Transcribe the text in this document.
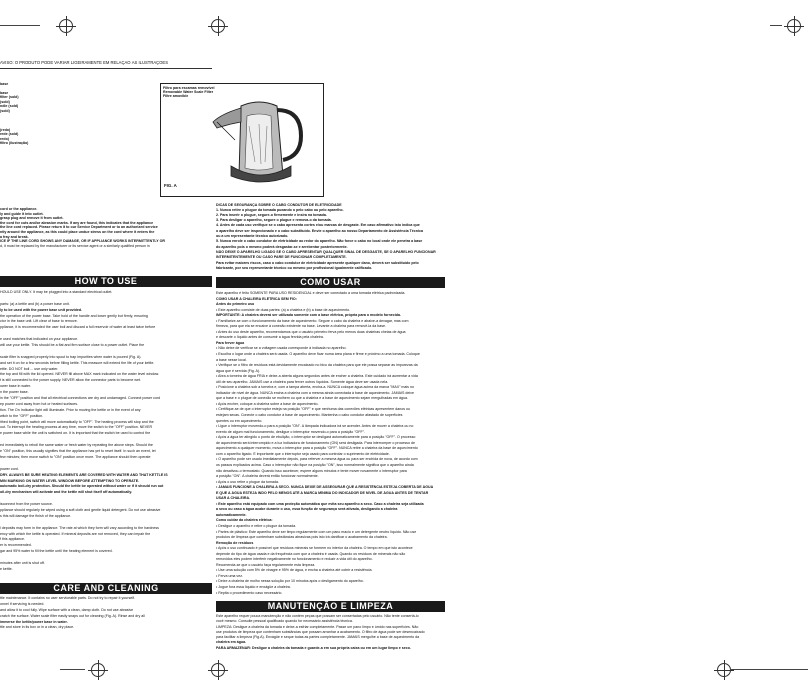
AVISO: O PRODUTO PODE VARIAR LIGEIRAMENTE EM RELAÇÃO ÀS ILUSTRAÇÕES
base
base
filter (sold)
(sold)
ndle (sold)
(sold)
(redo)
rede (sold)
redo)
filtro (ilustração)
Filtro para escamas removível
Removable Water Scale Filter
Filtre amovible
FIG. A
cord or the appliance.
ly and guide it into outlet.
grasp plug and remove it from outlet.
the cord for cuts and/or abrasion marks. If any are found, this indicates that the appliance
the line cord replaced. Please return it to our Service Department or to an authorized service
ntly around the appliance, as this could place undue stress on the cord where it enters the
a fray and break.
ICE IF THE LINE CORD SHOWS ANY DAMAGE, OR IF APPLIANCE WORKS INTERMITTENTLY OR
d, it must be replaced by the manufacturer or its service agent or a similarly qualified person in
HOW TO USE
HOULD USE ONLY. It may be plugged into a standard electrical outlet.

parts: (a) a kettle and (b) a power base unit.
ly to be used with the power base unit provided.
the operation of the power base. Take hold of the handle and lower gently but firmly, ensuring
ctor in the base unit. Lift clear of base to remove.
ppliance, it is recommended the user boil and discard a full reservoir of water at least twice before

e used matches that indicated on your appliance.
will use your kettle. This should be a flat and firm surface close to a power outlet. Place the

scale filter is snapped properly into spout to trap impurities when water is poured (Fig. A).
and set it on for a few seconds before filling kettle. This measure will extend the life of your kettle.
ettle. DO NOT boil ... use only water.
the top and fill with the lid opened. NEVER fill above MAX mark indicated on the water level window.
t is still connected to the power supply. NEVER allow the connector parts to become wet.
ower base in water.
n the power base.
in the "OFF" position and that all electrical connections are dry and undamaged. Connect power cord
ep power cord away from hot or heated surfaces.
tion. The On Indicator light will illuminate. Prior to moving the kettle or in the event of any
witch to the "OFF" position.
ithed boiling point, switch will move automatically to "OFF". The heating process will stop and the
out. To interrupt the heating process at any time, move the switch to the "OFF" position. NEVER
e power base while the unit is switched on. It is important that the switch be used to control the

ed immediately to reboil the same water or fresh water by repeating the above steps. Should the
e "ON" position, this usually signifies that the appliance has yet to reset itself. In such an event, let
few minutes; then move switch to "ON" position once more. The appliance should then operate

power cord.
DRY. ALWAYS BE SURE HEATING ELEMENTS ARE COVERED WITH WATER AND THAT KETTLE IS
MIN MARKING ON WATER LEVEL WINDOW BEFORE ATTEMPTING TO OPERATE.
automatic boil-dry protection. Should the kettle be operated without water or if it should run out
oil-dry mechanism will activate and the kettle will shut itself off automatically.

isconnect from the power source.
ppliance should regularly be wiped using a soft cloth and gentle liquid detergent. Do not use abrasive
s this will damage the finish of the appliance.

l deposits may form in the appliance. The rate at which they form will vary according to the hardness
ency with which the kettle is operated. If mineral deposits are not removed, they can impair the
f this appliance.
er is recommended.
gar and 95% water to fill the kettle until the heating element is covered.

minutes after unit is shut off.
e kettle.
CARE AND CLEANING
ttle maintenance. It contains no user serviceable parts. Do not try to repair it yourself.
onnel if servicing is needed.
and allow it to cool fully. Wipe surface with a clean, damp cloth. Do not use abrasive
cratch the surface. Water scale filter easily snaps out for cleaning (Fig. A). Rinse and dry all
immerse the kettle/power base in water.
ttle and store in its box or in a clean, dry place.
DICAS DE SEGURANÇA SOBRE O CABO CONDUTOR DE ELETRICIDADE
1. Nunca retire o plugue da tomada puxando o pelo cabo ou pelo aparelho.
2. Para inserir o plugue, segure-o firmemente e insira na tomada.
3. Para desligar o aparelho, segure o plugue e remova-o da tomada.
4. Antes de cada uso verifique se o cabo apresenta cortes e/ou marcas de desgaste. Em caso afirmativo isto indica que
o aparelho deve ser inspecionado e o cabo substituído. Envie o aparelho ao nosso Departamento de Assistência Técnica
ou a um representante técnico autorizado.
5. Nunca enrole o cabo condutor de eletricidade ao redor do aparelho. Não force o cabo no local onde ele penetra a base
do aparelho pois o mesmo poderá desgastar-se e arrebentar posteriormente.
NÃO DEIXE O APARELHO LIGADO SE O CABO APRESENTAR QUALQUER SINAL DE DESGASTE, SE O APARELHO FUNCIONAR
INTERMITENTEMENTE OU CASO PARE DE FUNCIONAR COMPLETAMENTE.
Para evitar maiores riscos, caso o cabo condutor de eletricidade apresente qualquer dano, deverá ser substituído pelo
fabricante, por seu representante técnico ou mesmo por profissional igualmente calificado.
COMO USAR
Este aparelho é feito SOMENTE PARA USO RESIDENCIAL e deve ser conectado a uma tomada elétrica padronizada.
COMO USAR A CHALEIRA ELÉTRICA SEM FIO:
Antes do primeiro uso
• Este aparelho consiste de duas partes: (a) a chaleira e (b) a base de aquecimento.
IMPORTANTE: A chaleira deverá ser utilizada somente com a base elétrica, própria para o modelo fornecida.
• Familiarize-se com o funcionamento da base de aquecimento. Segure o cabo da chaleira e abaixe-a devagar, mas com
firmeza, para que ela se encaixe à conexão existente na base. Levante a chaleira para removê-la da base.
• Antes do uso deste aparelho, recomendamos que o usuário primeiro ferva pelo menos duas chaleiras cheias de água
e descarte o líquido antes de consumir a água fervida pela chaleira.
Para ferver água
• Não deixe de verificar se a voltagem usada corresponde à indicada no aparelho.
• Escolha o lugar onde a chaleira será usada. O aparelho deve ficar numa área plana e firme e próximo a uma tomada. Coloque
a base nesse local.
• Verifique se o filtro de resíduos está devidamente encaixado no bico da chaleira para que ele possa separar as impurezas da
água que é servida (Fig. A).
• Abra a torneira de água FRIA e deixe-a aberta alguns segundos antes de encher a chaleira. Este cuidado irá aumentar a vida
útil de seu aparelho. JAMAIS use a chaleira para ferver outros líquidos. Somente água deve ser usada nela.
• Posicione a chaleira sob a torneira e, com a tampa aberta, encha-a. NUNCA coloque água acima da marca "MAX" mais no
indicador de nível de água. NUNCA encha a chaleira com a mesma ainda conectada à base de aquecimento. JAMAIS deixe
que a base e o plugue de conexão se molhem ou que a chaleira e a base de aquecimento sejam mergulhadas em água.
• Após encher, coloque a chaleira sobre a base de aquecimento.
• Certifique-se de que o interruptor esteja na posição "OFF" e que nenhuma das conexões elétricas apresentem danos ou
estejam secas. Conecte o cabo condutor à base de aquecimento. Mantenha o cabo condutor afastado de superfícies
quentes ou em aquecimento.
• Ligue o interruptor movendo-o para a posição "ON". A lâmpada indicadora irá se acender. Antes de mover a chaleira ou no
evento de algum mal funcionamento, desligue o interruptor movendo-o para a posição "OFF".
• Após a água ter atingido o ponto de ebulição, o interruptor se desligará automaticamente para a posição "OFF". O processo
de aquecimento será interrompido e a luz indicadora de funcionamento (ON) será desligada. Para interromper o processo de
aquecimento a qualquer momento, mova o interruptor para a posição "OFF". NUNCA retire a chaleira da base de aquecimento
com o aparelho ligado. É importante que o interruptor seja usado para controlar o suprimento de eletricidade.
• O aparelho pode ser usado imediatamente depois, para referver a mesma água ou para ser enchida de nova, de acordo com
os passos explicados acima. Caso o interruptor não fique na posição "ON", isso normalmente significa que o aparelho ainda
não desativou-o termostato. Quando isso acontecer, espere alguns minutos e tente mover novamente o interruptor para
a posição "ON". A chaleira deverá então funcionar normalmente.
• Após o uso retire o plugue da tomada.
• JAMAIS FUNCIONE A CHALEIRA A SECO. NUNCA DEIXE DE ASSEGURAR QUE A RESISTÊNCIA ESTEJA COBERTA DE ÁGUA
E QUE A ÁGUA ESTEJA INDO PELO MENOS ATÉ A MARCA MÍNIMA DO INDICADOR DE NÍVEL DE ÁGUA ANTES DE TENTAR
USAR A CHALEIRA.
• Este aparelho está equipado com uma proteção automática que evita seu aparelho a seco. Caso a chaleira seja utilizada
a seco ou caso a água acabe durante o uso, essa função de segurança será ativada, desligando a chaleira
automaticamente.
Como cuidar da chaleira elétrica:
• Desligue o aparelho e retire o plugue da tomada.
• Partes de plástico: Este aparelho deve ser limpo regularmente com um pano macio e um detergente neutro líquido. Não use
produtos de limpeza que contenham substâncias abrasivas pois isto irá danificar o acabamento da chaleira.
Remoção de resíduos
• Após o uso continuado é possível que resíduos minerais se formem no interior da chaleira. O tempo em que isto acontece
depende do tipo de água usada e da frequência com que a chaleira é usada. Quando os resíduos de minerais não são
removidos eles podem interferir negativamente no funcionamento e reduzir a vida útil do aparelho.
Recomenda-se que o usuário faça regularmente esta limpeza.
• Use uma solução com 5% de vinagre e 95% de água, e encha a chaleira até cobrir a resistência.
• Ferva uma vez.
• Deixe a chaleira de molho nessa solução por 10 minutos após o desligamento do aparelho.
• Jogue fora essa líquido e enxágüe a chaleira.
• Repita o procedimento caso necessário.
MANUTENÇÃO E LIMPEZA
Este aparelho requer pouca manutenção e não contém peças que possam ser consertadas pelo usuário. Não tente consertá-lo
você mesmo. Consulte pessoal qualificado quando for necessário assistência técnica.
LIMPEZA: Desligue a chaleira da tomada e deixe-a esfriar completamente. Passe um pano limpo e úmido nas superfícies. Não
use produtos de limpeza que contenham substâncias que possam arranhar a acabamento. O filtro de água pode ser desencaixado
para facilitar a limpeza (Fig.A). Enxágüe e seque todas as partes completamente. JAMAIS mergulhe a base de aquecimento da
chaleira em água.
PARA ARMAZENAR: Desligue a chaleira da tomada e guarde-a em sua própria caixa ou em um lugar limpo e seco.
